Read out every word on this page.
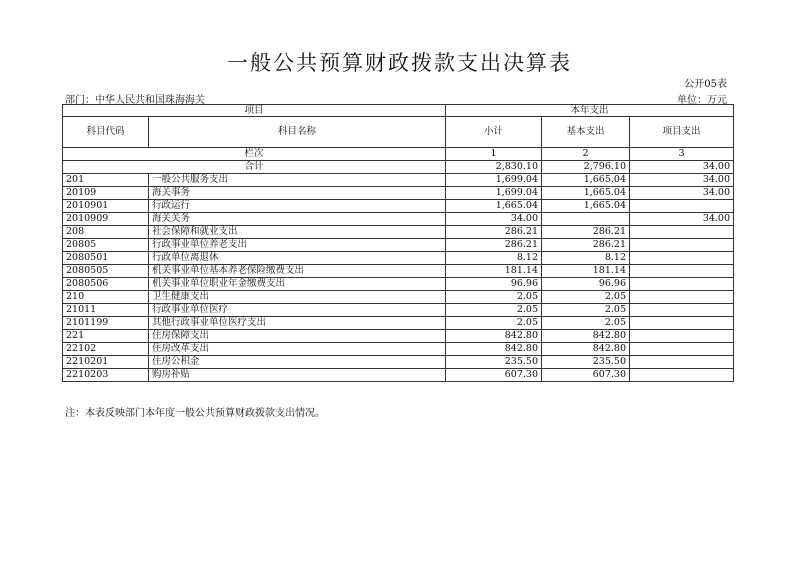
一般公共预算财政拨款支出决算表
公开05表
部门：中华人民共和国珠海海关	单位：万元
项目		本年支出		
科目代码	科目名称	小计	基本支出	项目支出
栏次		1	2	3
合计		2,830.10	2,796.10	34.00
201	一般公共服务支出	1,699.04	1,665.04	34.00
20109	海关事务	1,699.04	1,665.04	34.00
2010901	行政运行	1,665.04	1,665.04	
2010909	海关关务	34.00		34.00
208	社会保障和就业支出	286.21	286.21	
20805	行政事业单位养老支出	286.21	286.21	
2080501	行政单位离退休	8.12	8.12	
2080505	机关事业单位基本养老保险缴费支出	181.14	181.14	
2080506	机关事业单位职业年金缴费支出	96.96	96.96	
210	卫生健康支出	2.05	2.05	
21011	行政事业单位医疗	2.05	2.05	
2101199	其他行政事业单位医疗支出	2.05	2.05	
221	住房保障支出	842.80	842.80	
22102	住房改革支出	842.80	842.80	
2210201	住房公积金	235.50	235.50	
2210203	购房补贴	607.30	607.30	
注：本表反映部门本年度一般公共预算财政拨款支出情况。
